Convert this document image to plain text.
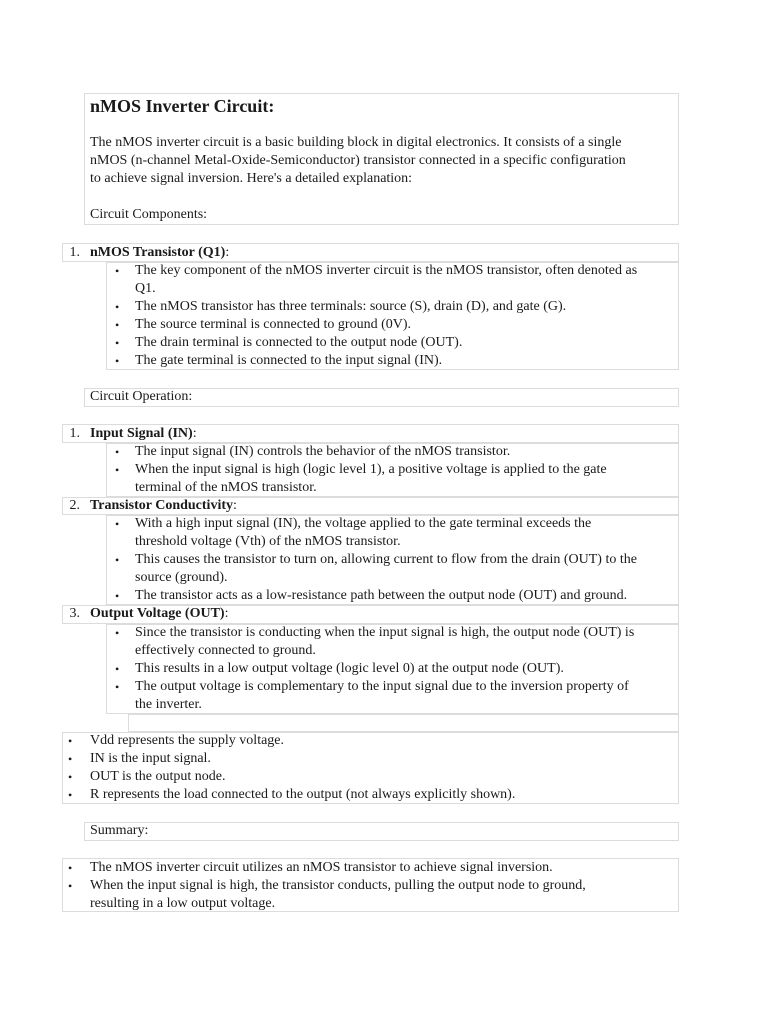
nMOS Inverter Circuit:
The nMOS inverter circuit is a basic building block in digital electronics. It consists of a single
nMOS (n-channel Metal-Oxide-Semiconductor) transistor connected in a specific configuration
to achieve signal inversion. Here's a detailed explanation:
Circuit Components:
1. nMOS Transistor (Q1):
• The key component of the nMOS inverter circuit is the nMOS transistor, often denoted as
Q1.
• The nMOS transistor has three terminals: source (S), drain (D), and gate (G).
• The source terminal is connected to ground (0V).
• The drain terminal is connected to the output node (OUT).
• The gate terminal is connected to the input signal (IN).
Circuit Operation:
1. Input Signal (IN):
• The input signal (IN) controls the behavior of the nMOS transistor.
• When the input signal is high (logic level 1), a positive voltage is applied to the gate
terminal of the nMOS transistor.
2. Transistor Conductivity:
• With a high input signal (IN), the voltage applied to the gate terminal exceeds the
threshold voltage (Vth) of the nMOS transistor.
• This causes the transistor to turn on, allowing current to flow from the drain (OUT) to the
source (ground).
• The transistor acts as a low-resistance path between the output node (OUT) and ground.
3. Output Voltage (OUT):
• Since the transistor is conducting when the input signal is high, the output node (OUT) is
effectively connected to ground.
• This results in a low output voltage (logic level 0) at the output node (OUT).
• The output voltage is complementary to the input signal due to the inversion property of
the inverter.
• Vdd represents the supply voltage.
• IN is the input signal.
• OUT is the output node.
• R represents the load connected to the output (not always explicitly shown).
Summary:
• The nMOS inverter circuit utilizes an nMOS transistor to achieve signal inversion.
• When the input signal is high, the transistor conducts, pulling the output node to ground,
resulting in a low output voltage.
